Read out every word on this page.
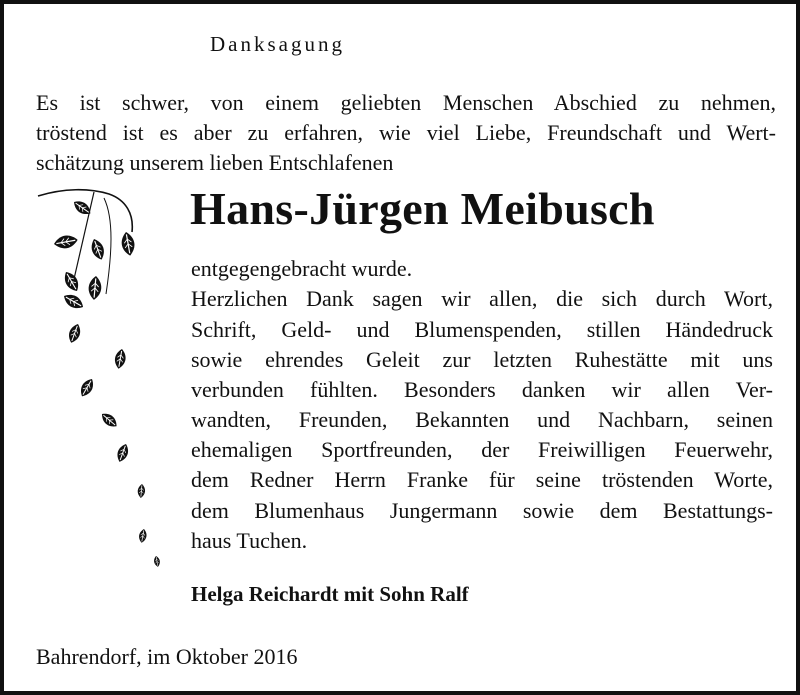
Danksagung
Es ist schwer, von einem geliebten Menschen Abschied zu nehmen,
tröstend ist es aber zu erfahren, wie viel Liebe, Freundschaft und Wert-
schätzung unserem lieben Entschlafenen
Hans-Jürgen Meibusch
entgegengebracht wurde.
Herzlichen Dank sagen wir allen, die sich durch Wort,
Schrift, Geld- und Blumenspenden, stillen Händedruck
sowie ehrendes Geleit zur letzten Ruhestätte mit uns
verbunden fühlten. Besonders danken wir allen Ver-
wandten, Freunden, Bekannten und Nachbarn, seinen
ehemaligen Sportfreunden, der Freiwilligen Feuerwehr,
dem Redner Herrn Franke für seine tröstenden Worte,
dem Blumenhaus Jungermann sowie dem Bestattungs-
haus Tuchen.
Helga Reichardt mit Sohn Ralf
Bahrendorf, im Oktober 2016
